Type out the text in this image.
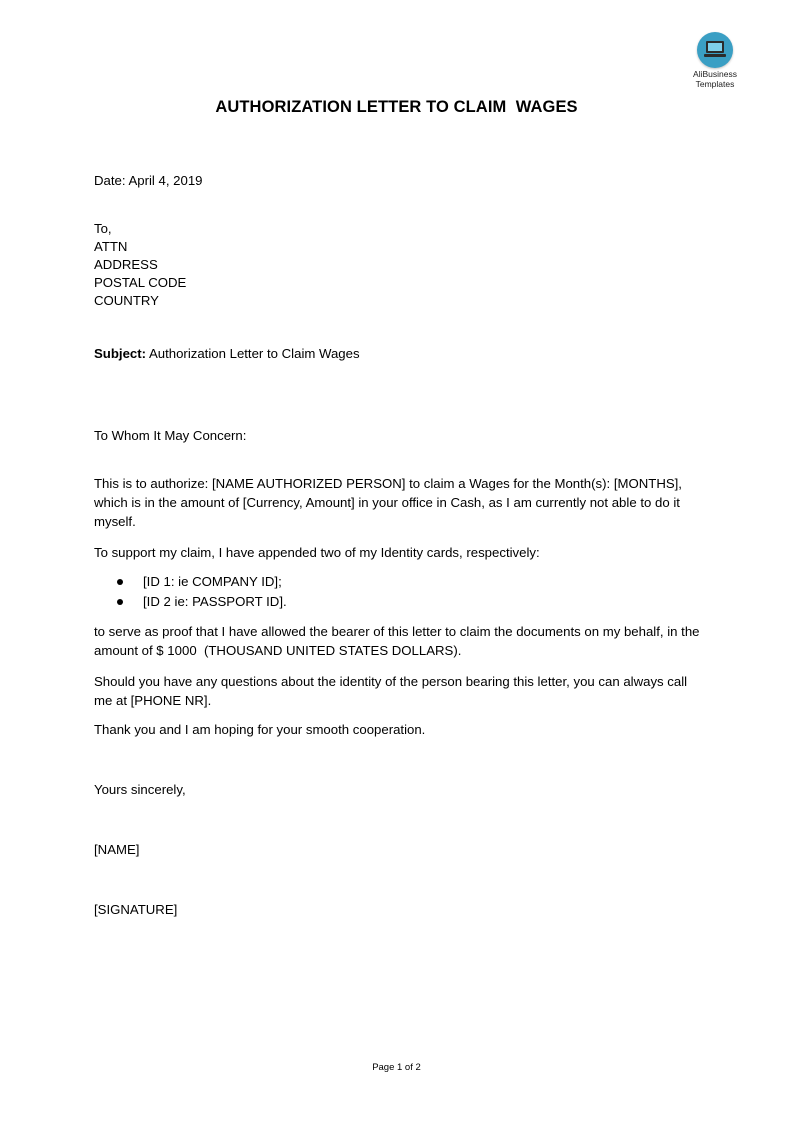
AliBusiness
Templates
AUTHORIZATION LETTER TO CLAIM  WAGES
Date: April 4, 2019
To,
ATTN
ADDRESS
POSTAL CODE
COUNTRY
Subject: Authorization Letter to Claim Wages
To Whom It May Concern:
This is to authorize: [NAME AUTHORIZED PERSON] to claim a Wages for the Month(s): [MONTHS], which is in the amount of [Currency, Amount] in your office in Cash, as I am currently not able to do it myself.
To support my claim, I have appended two of my Identity cards, respectively:
[ID 1: ie COMPANY ID];
[ID 2 ie: PASSPORT ID].
to serve as proof that I have allowed the bearer of this letter to claim the documents on my behalf, in the amount of $ 1000  (THOUSAND UNITED STATES DOLLARS).
Should you have any questions about the identity of the person bearing this letter, you can always call me at [PHONE NR].
Thank you and I am hoping for your smooth cooperation.
Yours sincerely,
[NAME]
[SIGNATURE]
Page 1 of 2
